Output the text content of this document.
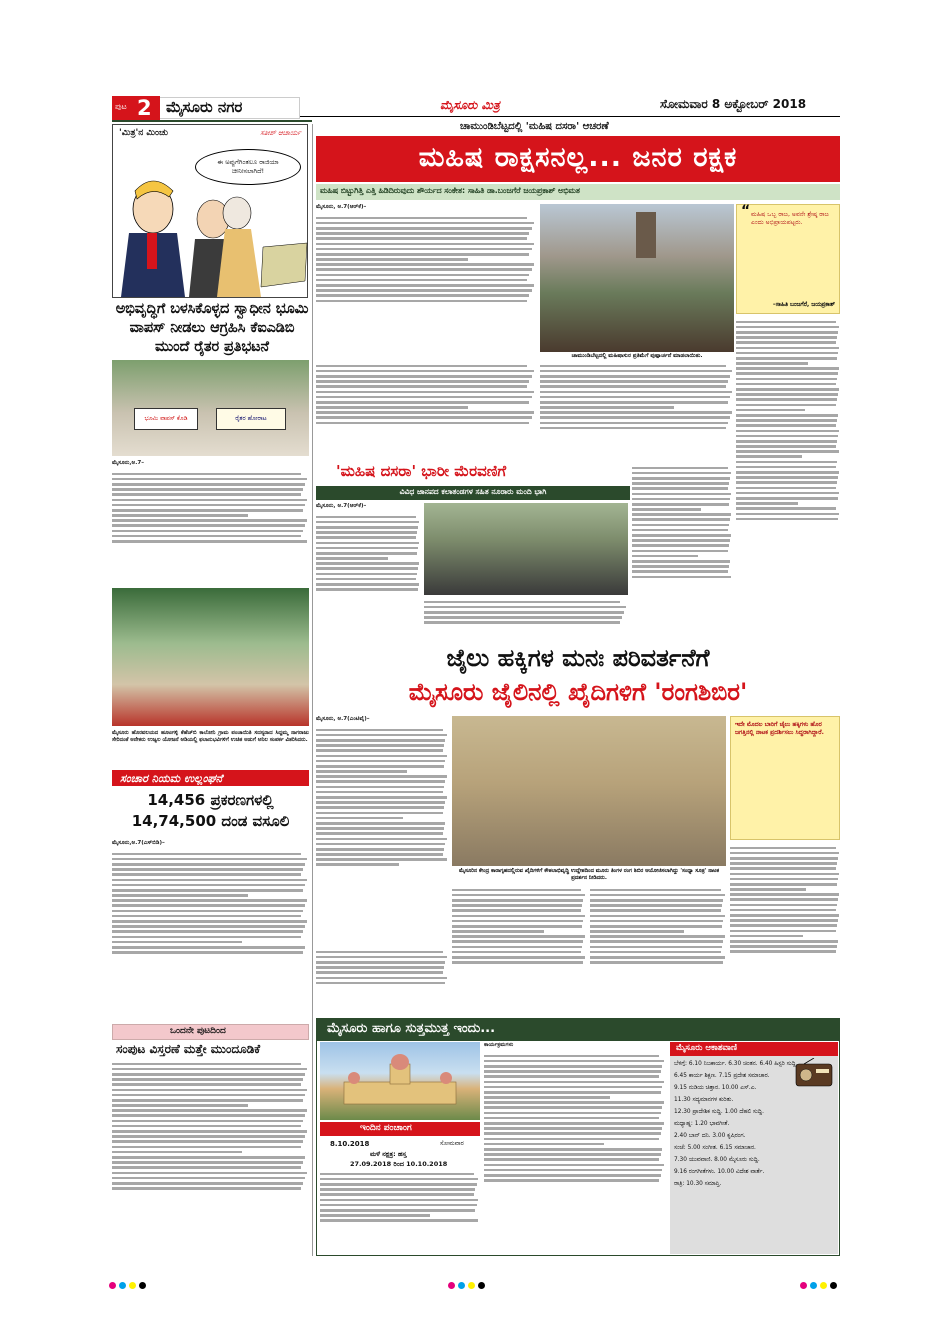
ಪುಟ 2 ಮೈಸೂರು ನಗರ	ಮೈಸೂರು ಮಿತ್ರ	ಸೋಮವಾರ 8 ಅಕ್ಟೋಬರ್ 2018
'ಮಿತ್ರ'ನ ಮಿಂಚು	ಸತೀಶ್ ಆಚಾರ್ಯ
ಈ ಅಪ್ಪುಗೆಗಿಂತಲೂ ರಾಜಿಯಾ ಚೀನೀಸಲಾಗಿದೆ!
ಅಭಿವೃದ್ಧಿಗೆ ಬಳಸಿಕೊಳ್ಳದ ಸ್ವಾಧೀನ ಭೂಮಿ ವಾಪಸ್ ನೀಡಲು ಆಗ್ರಹಿಸಿ ಕೆಐಎಡಿಬಿ ಮುಂದೆ ರೈತರ ಪ್ರತಿಭಟನೆ
ಭೂಮಿ ವಾಪಸ್ ಕೊಡಿ	ರೈತರ ಹೋರಾಟ
ಮೈಸೂರು,ಅ.7–
ಮೈಸೂರು ಹೊರವಲಯದ ಹೂಟಗಳ್ಳಿ ಕೆಹೆಚ್‌ಬಿ ಕಾಲೋನಿ ಗ್ರಾಮ ಪಂಚಾಯಿತಿ ಸದಸ್ಯರಾದ ಸಿದ್ದಮ್ಮ ನಾಗರಾಜು ಸೇರಿದಂತೆ ಅನೇಕರು ಉಜ್ವಲ ಯೋಜನೆ ಅಡಿಯಲ್ಲಿ ಫಲಾನುಭವಿಗಳಿಗೆ ಉಚಿತ ಅಡುಗೆ ಅನಿಲ ಸಂಪರ್ಕ ವಿತರಿಸಿದರು.
ಸಂಚಾರ ನಿಯಮ ಉಲ್ಲಂಘನೆ
14,456 ಪ್ರಕರಣಗಳಲ್ಲಿ 14,74,500 ದಂಡ ವಸೂಲಿ
ಮೈಸೂರು,ಅ.7(ಎಸ್‌ಬಿಡಿ)–
ಒಂದನೇ ಪುಟದಿಂದ
ಸಂಪುಟ ವಿಸ್ತರಣೆ ಮತ್ತೇ ಮುಂದೂಡಿಕೆ
ಚಾಮುಂಡಿಬೆಟ್ಟದಲ್ಲಿ 'ಮಹಿಷ ದಸರಾ' ಆಚರಣೆ
ಮಹಿಷ ರಾಕ್ಷಸನಲ್ಲ... ಜನರ ರಕ್ಷಕ
ಮಹಿಷ ಬಿಟ್ಟುಗಿತ್ತಿ ಎತ್ತಿ ಹಿಡಿದಿರುವುದು ಶೌರ್ಯದ ಸಂಕೇತ: ಸಾಹಿತಿ ಡಾ.ಬಂಜಗೆರೆ ಜಯಪ್ರಕಾಶ್ ಅಭಿಮತ
ಮೈಸೂರು, ಅ.7(ಆರ್‌ಕೆ)–
ಚಾಮುಂಡಿಬೆಟ್ಟದಲ್ಲಿ ಮಹಿಷಾಸುರ ಪ್ರತಿಮೆಗೆ ಪುಷ್ಪಾರ್ಚನೆ ಮಾಡಲಾಯಿತು.
“ ಮಹಿಷ ಒಬ್ಬ ರಾಜ, ಅವನೇ ಶ್ರೇಷ್ಠ ರಾಜ ಎಂದು ಅಭಿಪ್ರಾಯಪಟ್ಟರು.
–ಸಾಹಿತಿ ಬಂಜಗೆರೆ, ಜಯಪ್ರಕಾಶ್
'ಮಹಿಷ ದಸರಾ' ಭಾರೀ ಮೆರವಣಿಗೆ
ವಿವಿಧ ಜಾನಪದ ಕಲಾತಂಡಗಳ ಸಹಿತ ನೂರಾರು ಮಂದಿ ಭಾಗಿ
ಮೈಸೂರು, ಅ.7(ಆರ್‌ಕೆ)–
ಜೈಲು ಹಕ್ಕಿಗಳ ಮನಃ ಪರಿವರ್ತನೆಗೆ
ಮೈಸೂರು ಜೈಲಿನಲ್ಲಿ ಖೈದಿಗಳಿಗೆ 'ರಂಗಶಿಬಿರ'
ಮೈಸೂರು, ಅ.7(ಎಂಟಿವೈ)–
ಮೈಸೂರಿನ ಕೇಂದ್ರ ಕಾರಾಗೃಹದಲ್ಲಿರುವ ಖೈದಿಗಳಿಗೆ ಕೌಶಲಾಭಿವೃದ್ಧಿ ಉದ್ದೇಶದಿಂದ ಮೂರು ತಿಂಗಳ ರಂಗ ಶಿಬಿರ ಆಯೋಜಿಸಲಾಗಿದ್ದು 'ಸಂಧ್ಯಾ ಸೂತ್ರ' ನಾಟಕ ಪ್ರದರ್ಶನ ನೀಡಿದರು.
ಇದೇ ಮೊದಲ ಬಾರಿಗೆ ಜೈಲು ಹಕ್ಕಿಗಳು ಹೊರ ಜಗತ್ತಿನಲ್ಲಿ ನಾಟಕ ಪ್ರದರ್ಶಿಸಲು ಸಿದ್ಧರಾಗಿದ್ದಾರೆ.
ಮೈಸೂರು ಹಾಗೂ ಸುತ್ತಮುತ್ತ ಇಂದು...
ಇಂದಿನ ಪಂಚಾಂಗ
8.10.2018	ಸೋಮವಾರ
ಮಳೆ ನಕ್ಷತ್ರ: ಹಸ್ತ
27.09.2018 ರಿಂದ 10.10.2018
ಕಾರ್ಯಕ್ರಮಗಳು	ಮೈಸೂರು ಆಕಾಶವಾಣಿ
ಬೆಳಿಗ್ಗೆ: 6.10 ನಿಜಕಾರ್ಯ. 6.30 ಚಿಂತನ. 6.40 ಹಿಸ್ಟರಿ ಸುದ್ದಿ.
6.45 ಕಾರ್ಯ ಶಿಕ್ಷಣ. 7.15 ಪ್ರದೇಶ ಸಮಾಚಾರ.
9.15 ನುಡಿಯ ಚಿತ್ತಾರ. 10.00 ಎಸ್.ಎ.
11.30 ಸದ್ಯಮಾನಗಳ ಕುರಿತು.
12.30 ಪ್ರಾದೇಶಿಕ ಸುದ್ದಿ. 1.00 ದೆಹಲಿ ಸುದ್ದಿ.
ಮಧ್ಯಾಹ್ನ: 1.20 ಭಾವಗೀತೆ.
2.40 ಬಾನ್ ದನಿ. 3.00 ಕೃಷಿರಂಗ.
ಸಂಜೆ: 5.00 ಸಂಗೀತ. 6.15 ಸಮಾಚಾರ.
7.30 ಯುವವಾಣಿ. 8.00 ಮೈಸೂರು ಸುದ್ದಿ.
9.16 ರಂಗಗೀತೆಗಳು. 10.00 ವಿದೇಶ ವಾರ್ತೆ.
ರಾತ್ರಿ: 10.30 ಸಮಾಪ್ತಿ.
